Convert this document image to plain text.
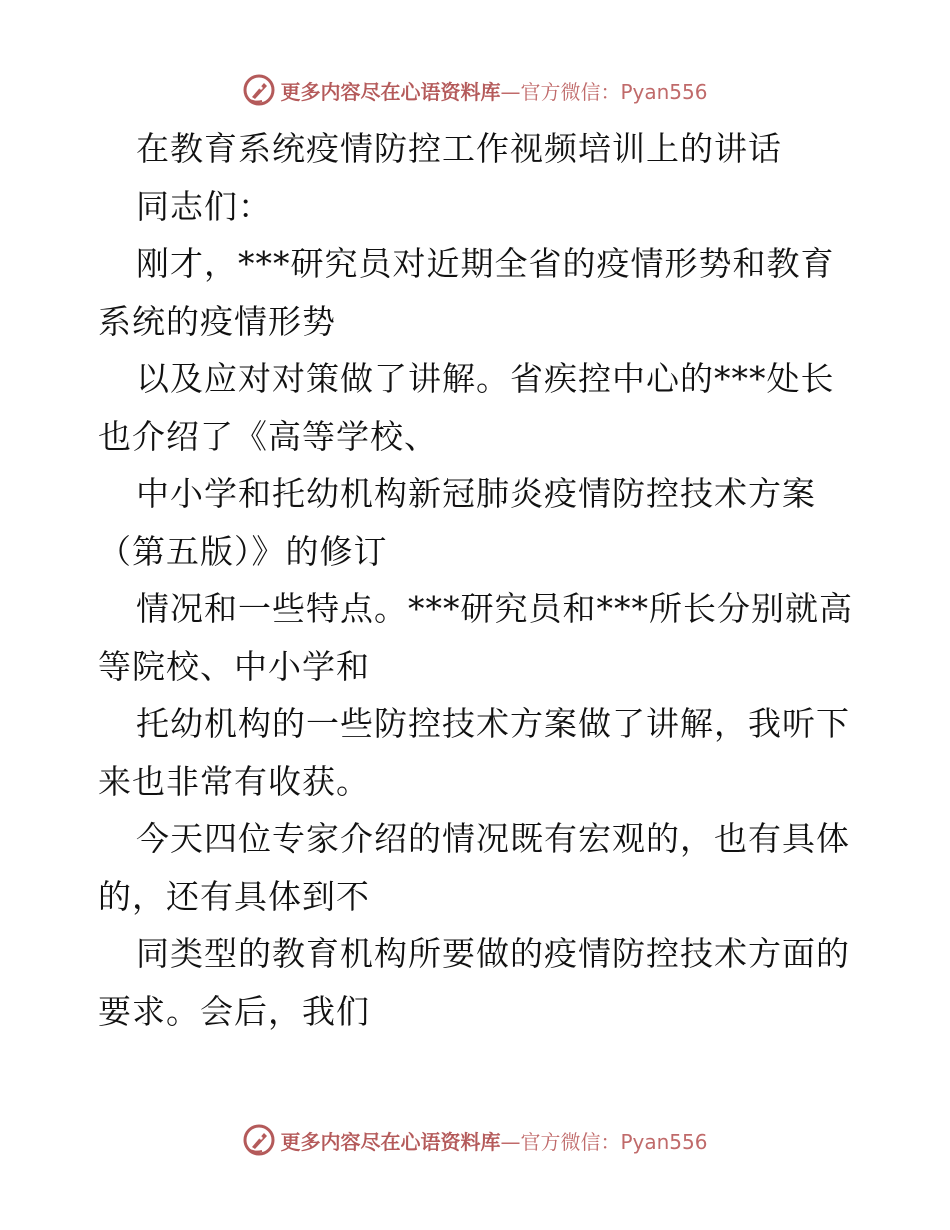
更多内容尽在心语资料库 —官方微信：Pyan556
在教育系统疫情防控工作视频培训上的讲话
同志们：
刚才，***研究员对近期全省的疫情形势和教育
系统的疫情形势
以及应对对策做了讲解。省疾控中心的***处长
也介绍了《高等学校、
中小学和托幼机构新冠肺炎疫情防控技术方案
（第五版）》的修订
情况和一些特点。***研究员和***所长分别就高
等院校、中小学和
托幼机构的一些防控技术方案做了讲解，我听下
来也非常有收获。
今天四位专家介绍的情况既有宏观的，也有具体
的，还有具体到不
同类型的教育机构所要做的疫情防控技术方面的
要求。会后，我们
更多内容尽在心语资料库 —官方微信：Pyan556
